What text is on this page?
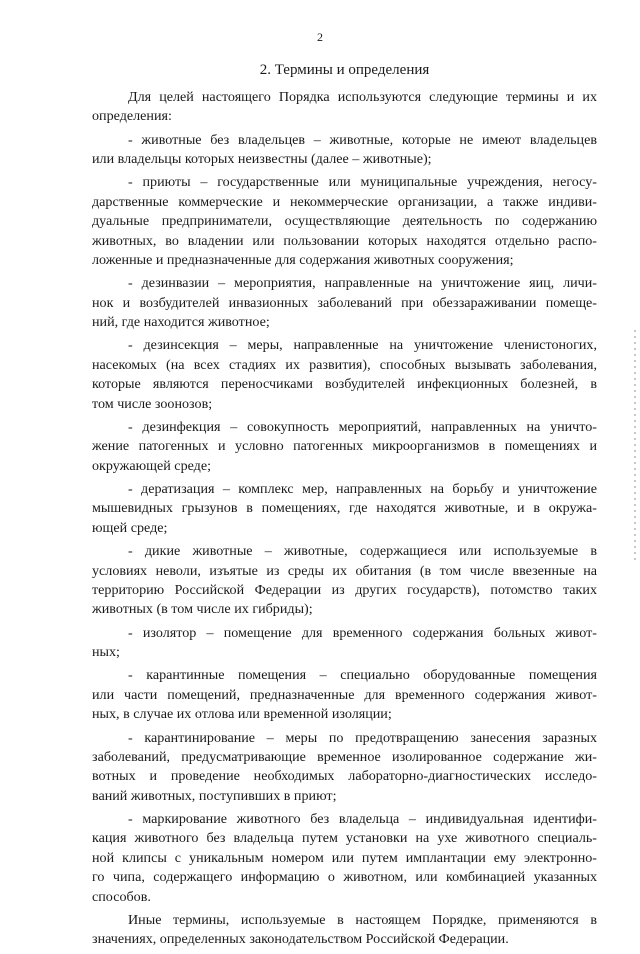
2
2. Термины и определения
Для целей настоящего Порядка используются следующие термины и их
определения:
- животные без владельцев – животные, которые не имеют владельцев
или владельцы которых неизвестны (далее – животные);
- приюты – государственные или муниципальные учреждения, негосу-
дарственные коммерческие и некоммерческие организации, а также индиви-
дуальные предприниматели, осуществляющие деятельность по содержанию
животных, во владении или пользовании которых находятся отдельно распо-
ложенные и предназначенные для содержания животных сооружения;
- дезинвазии – мероприятия, направленные на уничтожение яиц, личи-
нок и возбудителей инвазионных заболеваний при обеззараживании помеще-
ний, где находится животное;
- дезинсекция – меры, направленные на уничтожение членистоногих,
насекомых (на всех стадиях их развития), способных вызывать заболевания,
которые являются переносчиками возбудителей инфекционных болезней, в
том числе зоонозов;
- дезинфекция – совокупность мероприятий, направленных на уничто-
жение патогенных и условно патогенных микроорганизмов в помещениях и
окружающей среде;
- дератизация – комплекс мер, направленных на борьбу и уничтожение
мышевидных грызунов в помещениях, где находятся животные, и в окружа-
ющей среде;
- дикие животные – животные, содержащиеся или используемые в
условиях неволи, изъятые из среды их обитания (в том числе ввезенные на
территорию Российской Федерации из других государств), потомство таких
животных (в том числе их гибриды);
- изолятор – помещение для временного содержания больных живот-
ных;
- карантинные помещения – специально оборудованные помещения
или части помещений, предназначенные для временного содержания живот-
ных, в случае их отлова или временной изоляции;
- карантинирование – меры по предотвращению занесения заразных
заболеваний, предусматривающие временное изолированное содержание жи-
вотных и проведение необходимых лабораторно-диагностических исследо-
ваний животных, поступивших в приют;
- маркирование животного без владельца – индивидуальная идентифи-
кация животного без владельца путем установки на ухе животного специаль-
ной клипсы с уникальным номером или путем имплантации ему электронно-
го чипа, содержащего информацию о животном, или комбинацией указанных
способов.
Иные термины, используемые в настоящем Порядке, применяются в
значениях, определенных законодательством Российской Федерации.
